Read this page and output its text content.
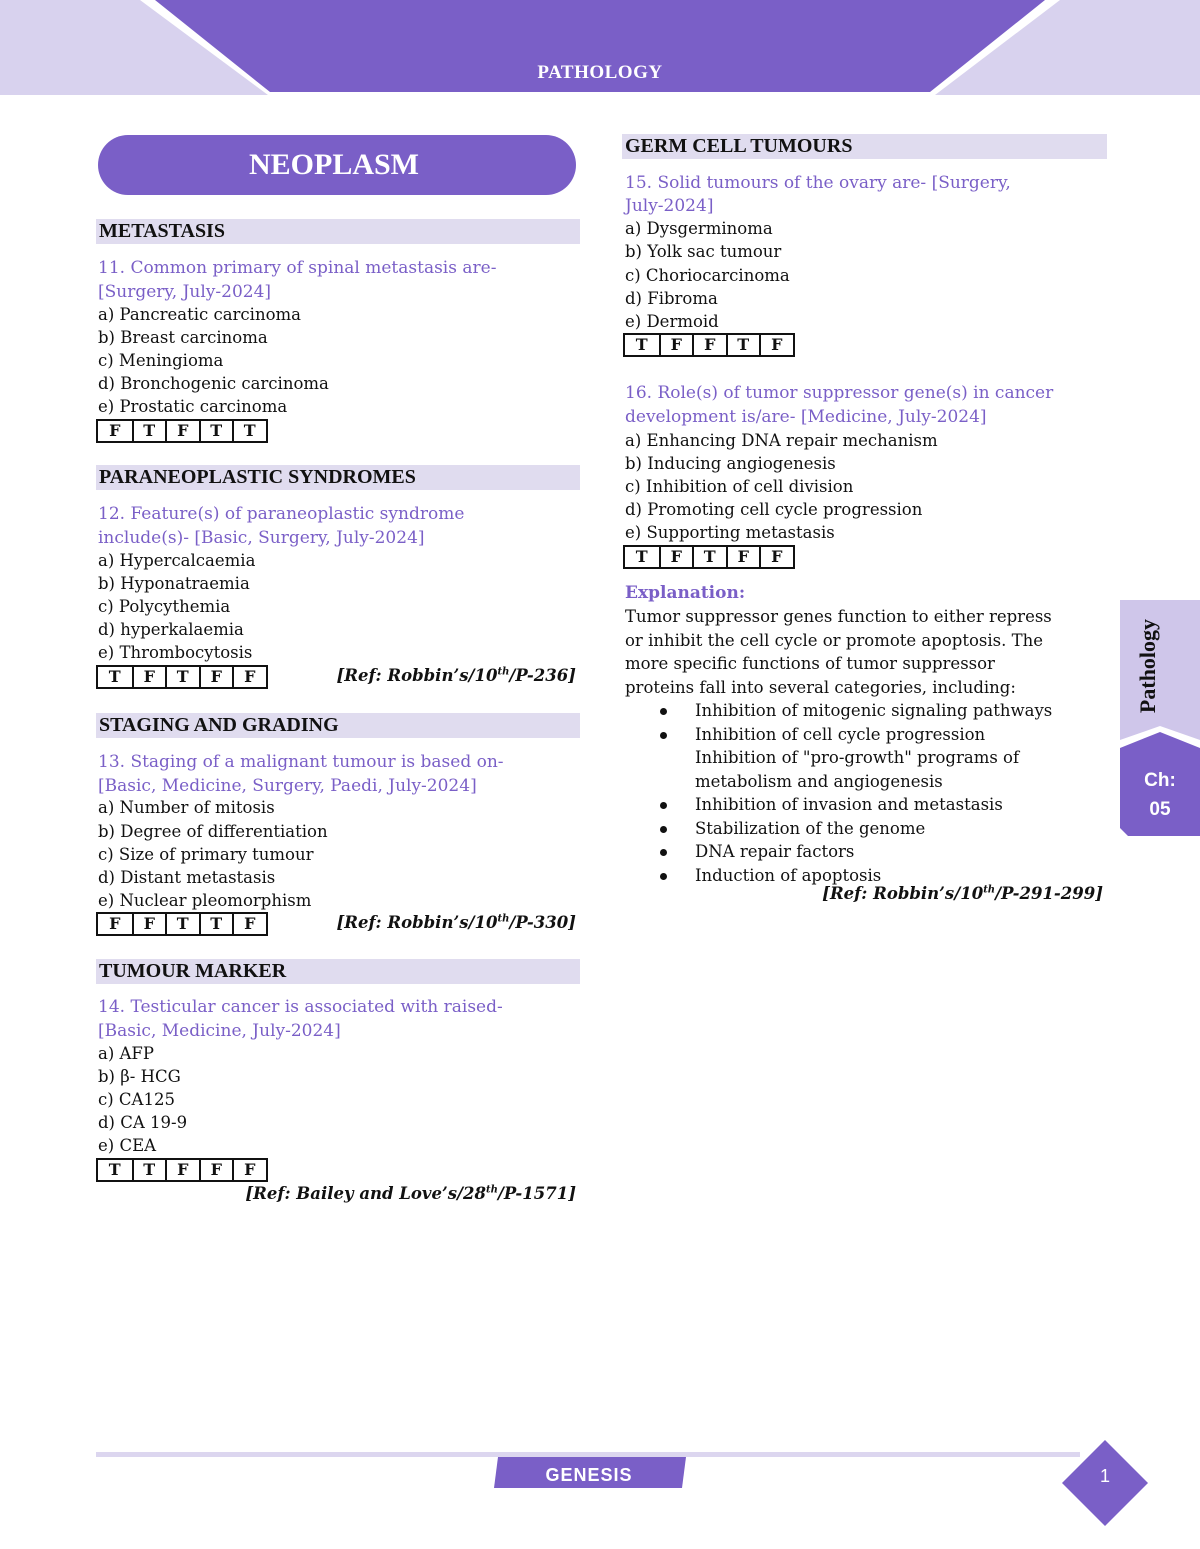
PATHOLOGY
NEOPLASM
METASTASIS
11. Common primary of spinal metastasis are-
[Surgery, July-2024]
a) Pancreatic carcinoma
b) Breast carcinoma
c) Meningioma
d) Bronchogenic carcinoma
e) Prostatic carcinoma
F	T	F	T	T
PARANEOPLASTIC SYNDROMES
12. Feature(s) of paraneoplastic syndrome
include(s)- [Basic, Surgery, July-2024]
a) Hypercalcaemia
b) Hyponatraemia
c) Polycythemia
d) hyperkalaemia
e) Thrombocytosis
T	F	T	F	F	[Ref: Robbin’s/10th/P-236]
STAGING AND GRADING
13. Staging of a malignant tumour is based on-
[Basic, Medicine, Surgery, Paedi, July-2024]
a) Number of mitosis
b) Degree of differentiation
c) Size of primary tumour
d) Distant metastasis
e) Nuclear pleomorphism
F	F	T	T	F	[Ref: Robbin’s/10th/P-330]
TUMOUR MARKER
14. Testicular cancer is associated with raised-
[Basic, Medicine, July-2024]
a) AFP
b) β- HCG
c) CA125
d) CA 19-9
e) CEA
T	T	F	F	F
[Ref: Bailey and Love’s/28th/P-1571]
GERM CELL TUMOURS
15. Solid tumours of the ovary are- [Surgery,
July-2024]
a) Dysgerminoma
b) Yolk sac tumour
c) Choriocarcinoma
d) Fibroma
e) Dermoid
T	F	F	T	F
16. Role(s) of tumor suppressor gene(s) in cancer
development is/are- [Medicine, July-2024]
a) Enhancing DNA repair mechanism
b) Inducing angiogenesis
c) Inhibition of cell division
d) Promoting cell cycle progression
e) Supporting metastasis
T	F	T	F	F
Explanation:
Tumor suppressor genes function to either repress
or inhibit the cell cycle or promote apoptosis. The
more specific functions of tumor suppressor
proteins fall into several categories, including:
Inhibition of mitogenic signaling pathways
Inhibition of cell cycle progression
Inhibition of "pro-growth" programs of
metabolism and angiogenesis
Inhibition of invasion and metastasis
Stabilization of the genome
DNA repair factors
Induction of apoptosis
[Ref: Robbin’s/10th/P-291-299]
Pathology
Ch:
05
GENESIS	1
